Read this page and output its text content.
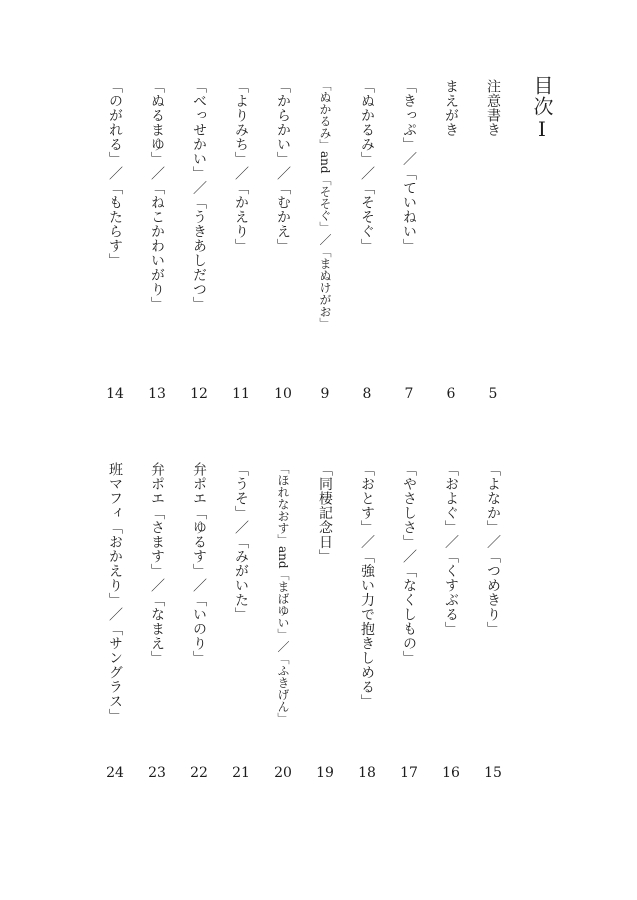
目次Ⅰ
注意書き
5
まえがき
6
「きっぷ」／「ていねい」
7
「ぬかるみ」／「そそぐ」
8
「ぬかるみ」and「そそぐ」／「まぬけがお」
9
「からかい」／「むかえ」
10
「よりみち」／「かえり」
11
「べっせかい」／「うきあしだつ」
12
「ぬるまゆ」／「ねこかわいがり」
13
「のがれる」／「もたらす」
14
「よなか」／「つめきり」
15
「およぐ」／「くすぶる」
16
「やさしさ」／「なくしもの」
17
「おとす」／「強い力で抱きしめる」
18
「同棲記念日」
19
「ほれなおす」and「まばゆい」／「ふきげん」
20
「うそ」／「みがいた」
21
弁ポエ「ゆるす」／「いのり」
22
弁ポエ「さます」／「なまえ」
23
班マフィ「おかえり」／「サングラス」
24
